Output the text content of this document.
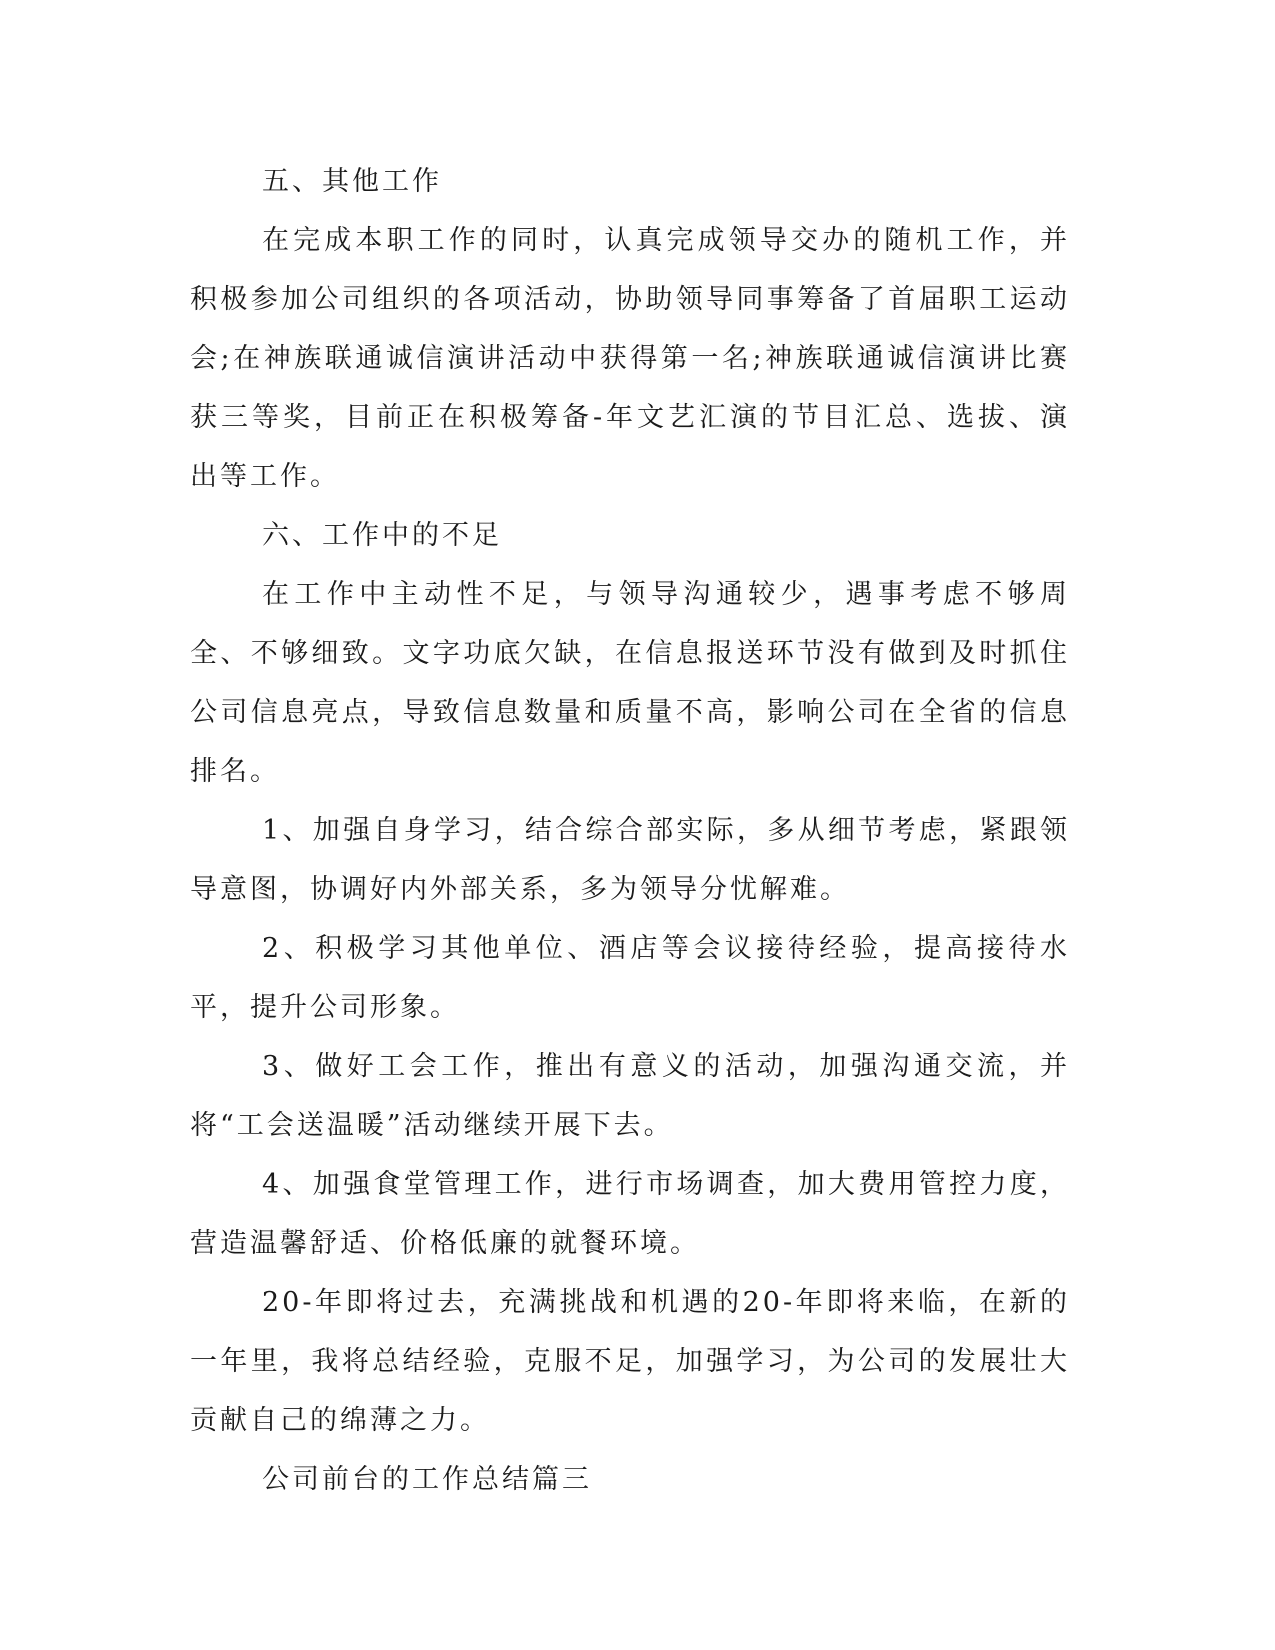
五、其他工作

在完成本职工作的同时，认真完成领导交办的随机工作，并积极参加公司组织的各项活动，协助领导同事筹备了首届职工运动会;在神族联通诚信演讲活动中获得第一名;神族联通诚信演讲比赛获三等奖，目前正在积极筹备-年文艺汇演的节目汇总、选拔、演出等工作。

六、工作中的不足

在工作中主动性不足，与领导沟通较少，遇事考虑不够周全、不够细致。文字功底欠缺，在信息报送环节没有做到及时抓住公司信息亮点，导致信息数量和质量不高，影响公司在全省的信息排名。

1、加强自身学习，结合综合部实际，多从细节考虑，紧跟领导意图，协调好内外部关系，多为领导分忧解难。

2、积极学习其他单位、酒店等会议接待经验，提高接待水平，提升公司形象。

3、做好工会工作，推出有意义的活动，加强沟通交流，并将“工会送温暖”活动继续开展下去。

4、加强食堂管理工作，进行市场调查，加大费用管控力度，营造温馨舒适、价格低廉的就餐环境。

20-年即将过去，充满挑战和机遇的20-年即将来临，在新的一年里，我将总结经验，克服不足，加强学习，为公司的发展壮大贡献自己的绵薄之力。

公司前台的工作总结篇三
